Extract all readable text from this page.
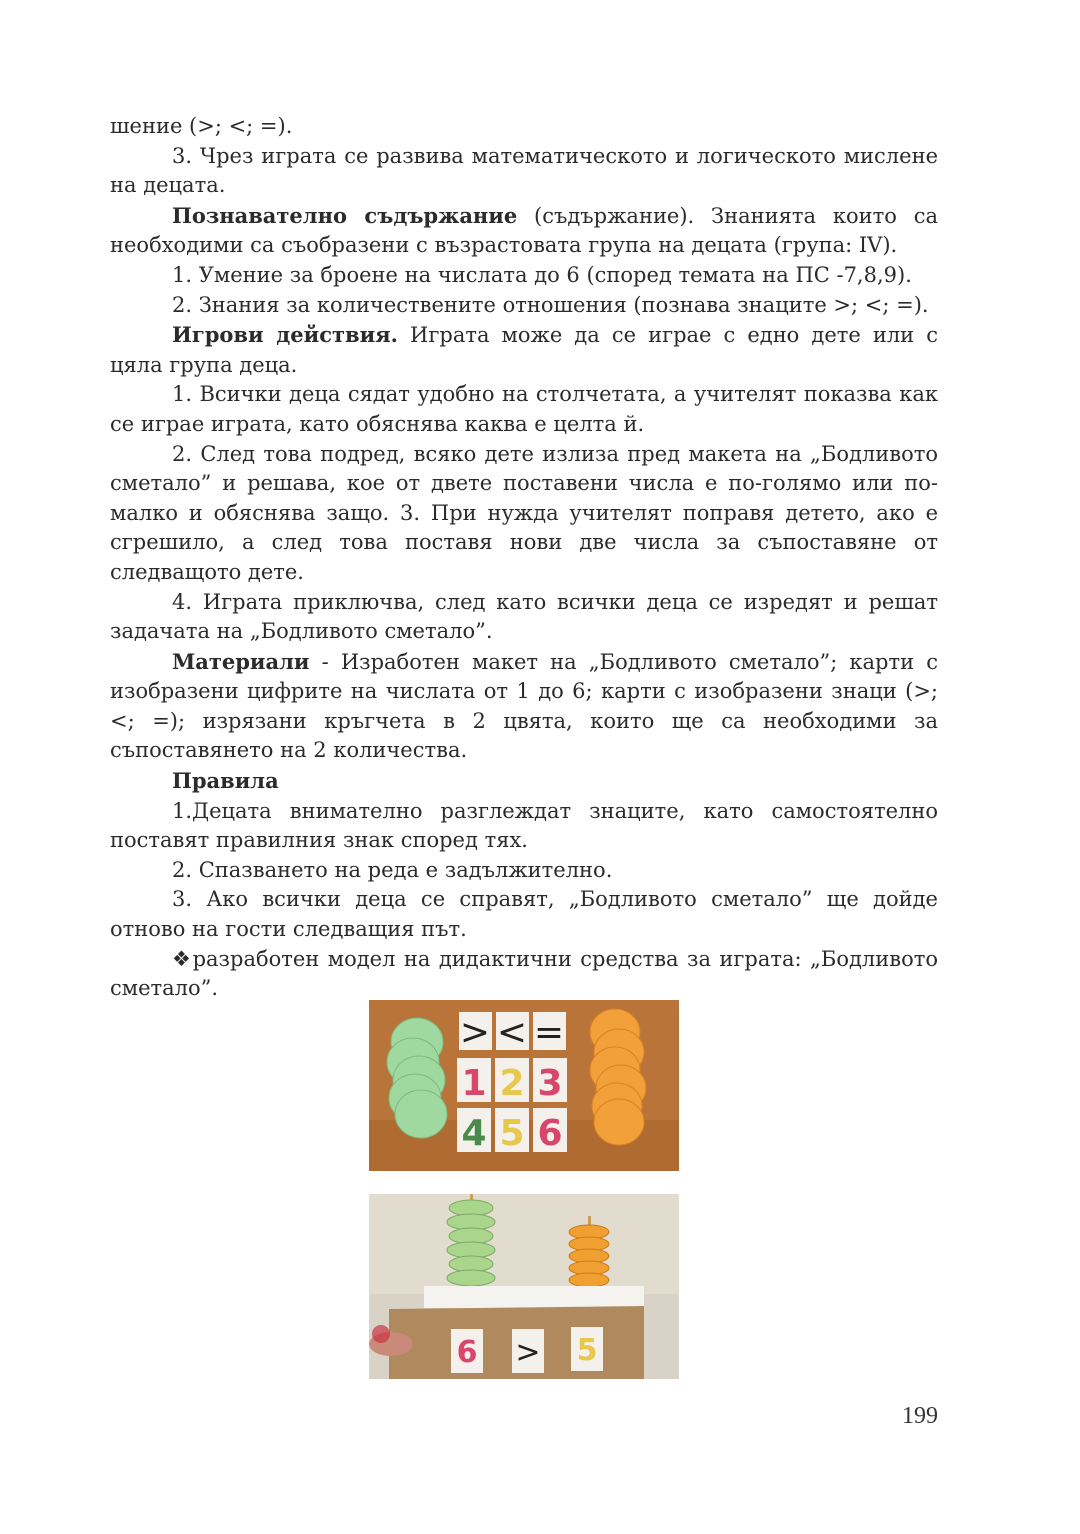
шение (>; <; =).

3. Чрез играта се развива математическото и логическото мислене на децата.

Познавателно съдържание (съдържание). Знанията които са необходими са съобразени с възрастовата група на децата (група: IV).

1. Умение за броене на числата до 6 (според темата на ПС -7,8,9).

2. Знания за количествените отношения (познава знаците >; <; =).

Игрови действия. Играта може да се играе с едно дете или с цяла група деца.

1. Всички деца сядат удобно на столчетата, а учителят показва как се играе играта, като обяснява каква е целта й.

2. След това подред, всяко дете излиза пред макета на „Бодливото сметало” и решава, кое от двете поставени числа е по-голямо или по-малко и обяснява защо. 3. При нужда учителят поправя детето, ако е сгрешило, а след това поставя нови две числа за съпоставяне от следващото дете.

4. Играта приключва, след като всички деца се изредят и решат задачата на „Бодливото сметало”.

Материали - Изработен макет на „Бодливото сметало”; карти с изобразени цифрите на числата от 1 до 6; карти с изобразени знаци (>; <; =); изрязани кръгчета в 2 цвята, които ще са необходими за съпоставянето на 2 количества.

Правила

1.Децата внимателно разглеждат знаците, като самостоятелно поставят правилния знак според тях.

2. Спазването на реда е задължително.

3. Ако всички деца се справят, „Бодливото сметало” ще дойде отново на гости следващия път.

❖разработен модел на дидактични средства за играта: „Бодливото сметало”.

> < =
1 2 3
4 5 6
6 > 5
199
